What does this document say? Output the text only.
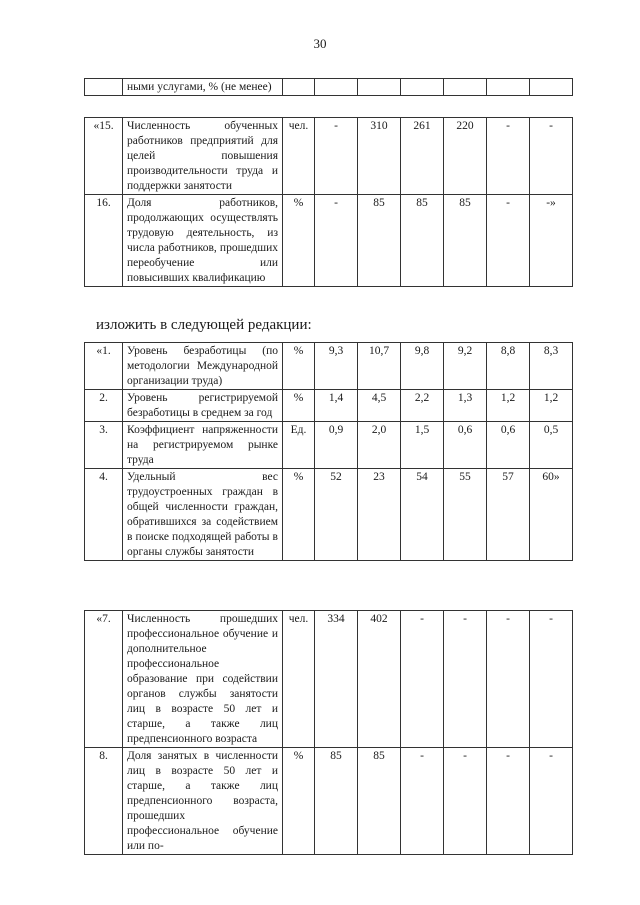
30
	ными услугами, % (не менее)							
«15.	Численность обученных работников предприятий для целей повышения производительности труда и поддержки занятости	чел.	-	310	261	220	-	-
16.	Доля работников, продолжающих осуществлять трудовую деятельность, из числа работников, прошедших переобучение или повысивших квалификацию	%	-	85	85	85	-	-»
изложить в следующей редакции:
«1.	Уровень безработицы (по методологии Международной организации труда)	%	9,3	10,7	9,8	9,2	8,8	8,3
2.	Уровень регистрируемой безработицы в среднем за год	%	1,4	4,5	2,2	1,3	1,2	1,2
3.	Коэффициент напряженности на регистрируемом рынке труда	Ед.	0,9	2,0	1,5	0,6	0,6	0,5
4.	Удельный вес трудоустроенных граждан в общей численности граждан, обратившихся за содействием в поиске подходящей работы в органы службы занятости	%	52	23	54	55	57	60»
«7.	Численность прошедших профессиональное обучение и дополнительное профессиональное образование при содействии органов службы занятости лиц в возрасте 50 лет и старше, а также лиц предпенсионного возраста	чел.	334	402	-	-	-	-
8.	Доля занятых в численности лиц в возрасте 50 лет и старше, а также лиц предпенсионного возраста, прошедших профессиональное обучение или по-	%	85	85	-	-	-	-
